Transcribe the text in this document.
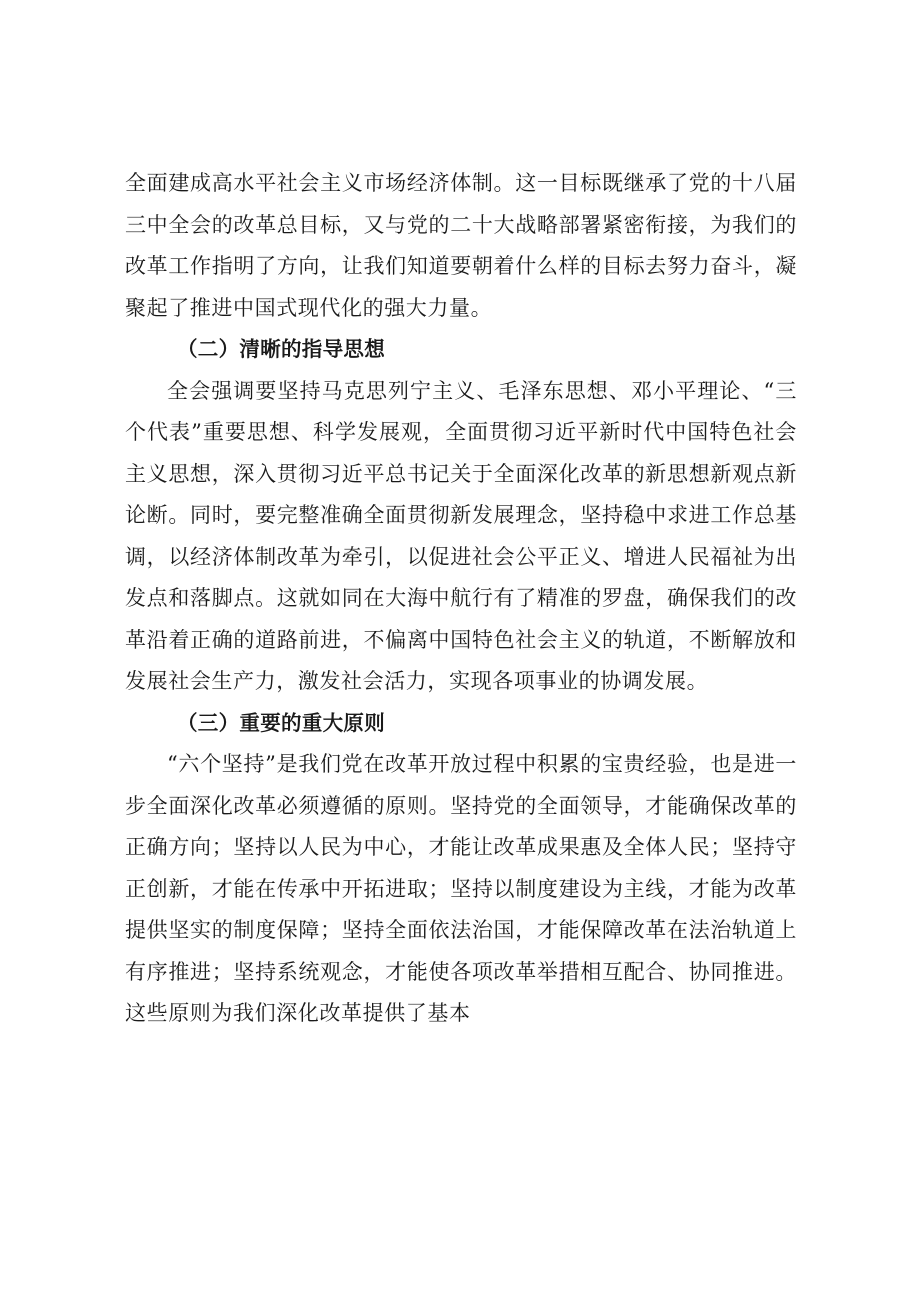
全面建成高水平社会主义市场经济体制。这一目标既继承了党的十八届三中全会的改革总目标，又与党的二十大战略部署紧密衔接，为我们的改革工作指明了方向，让我们知道要朝着什么样的目标去努力奋斗，凝聚起了推进中国式现代化的强大力量。

（二）清晰的指导思想

全会强调要坚持马克思列宁主义、毛泽东思想、邓小平理论、“三个代表”重要思想、科学发展观，全面贯彻习近平新时代中国特色社会主义思想，深入贯彻习近平总书记关于全面深化改革的新思想新观点新论断。同时，要完整准确全面贯彻新发展理念，坚持稳中求进工作总基调，以经济体制改革为牵引，以促进社会公平正义、增进人民福祉为出发点和落脚点。这就如同在大海中航行有了精准的罗盘，确保我们的改革沿着正确的道路前进，不偏离中国特色社会主义的轨道，不断解放和发展社会生产力，激发社会活力，实现各项事业的协调发展。

（三）重要的重大原则

“六个坚持”是我们党在改革开放过程中积累的宝贵经验，也是进一步全面深化改革必须遵循的原则。坚持党的全面领导，才能确保改革的正确方向；坚持以人民为中心，才能让改革成果惠及全体人民；坚持守正创新，才能在传承中开拓进取；坚持以制度建设为主线，才能为改革提供坚实的制度保障；坚持全面依法治国，才能保障改革在法治轨道上有序推进；坚持系统观念，才能使各项改革举措相互配合、协同推进。这些原则为我们深化改革提供了基本
